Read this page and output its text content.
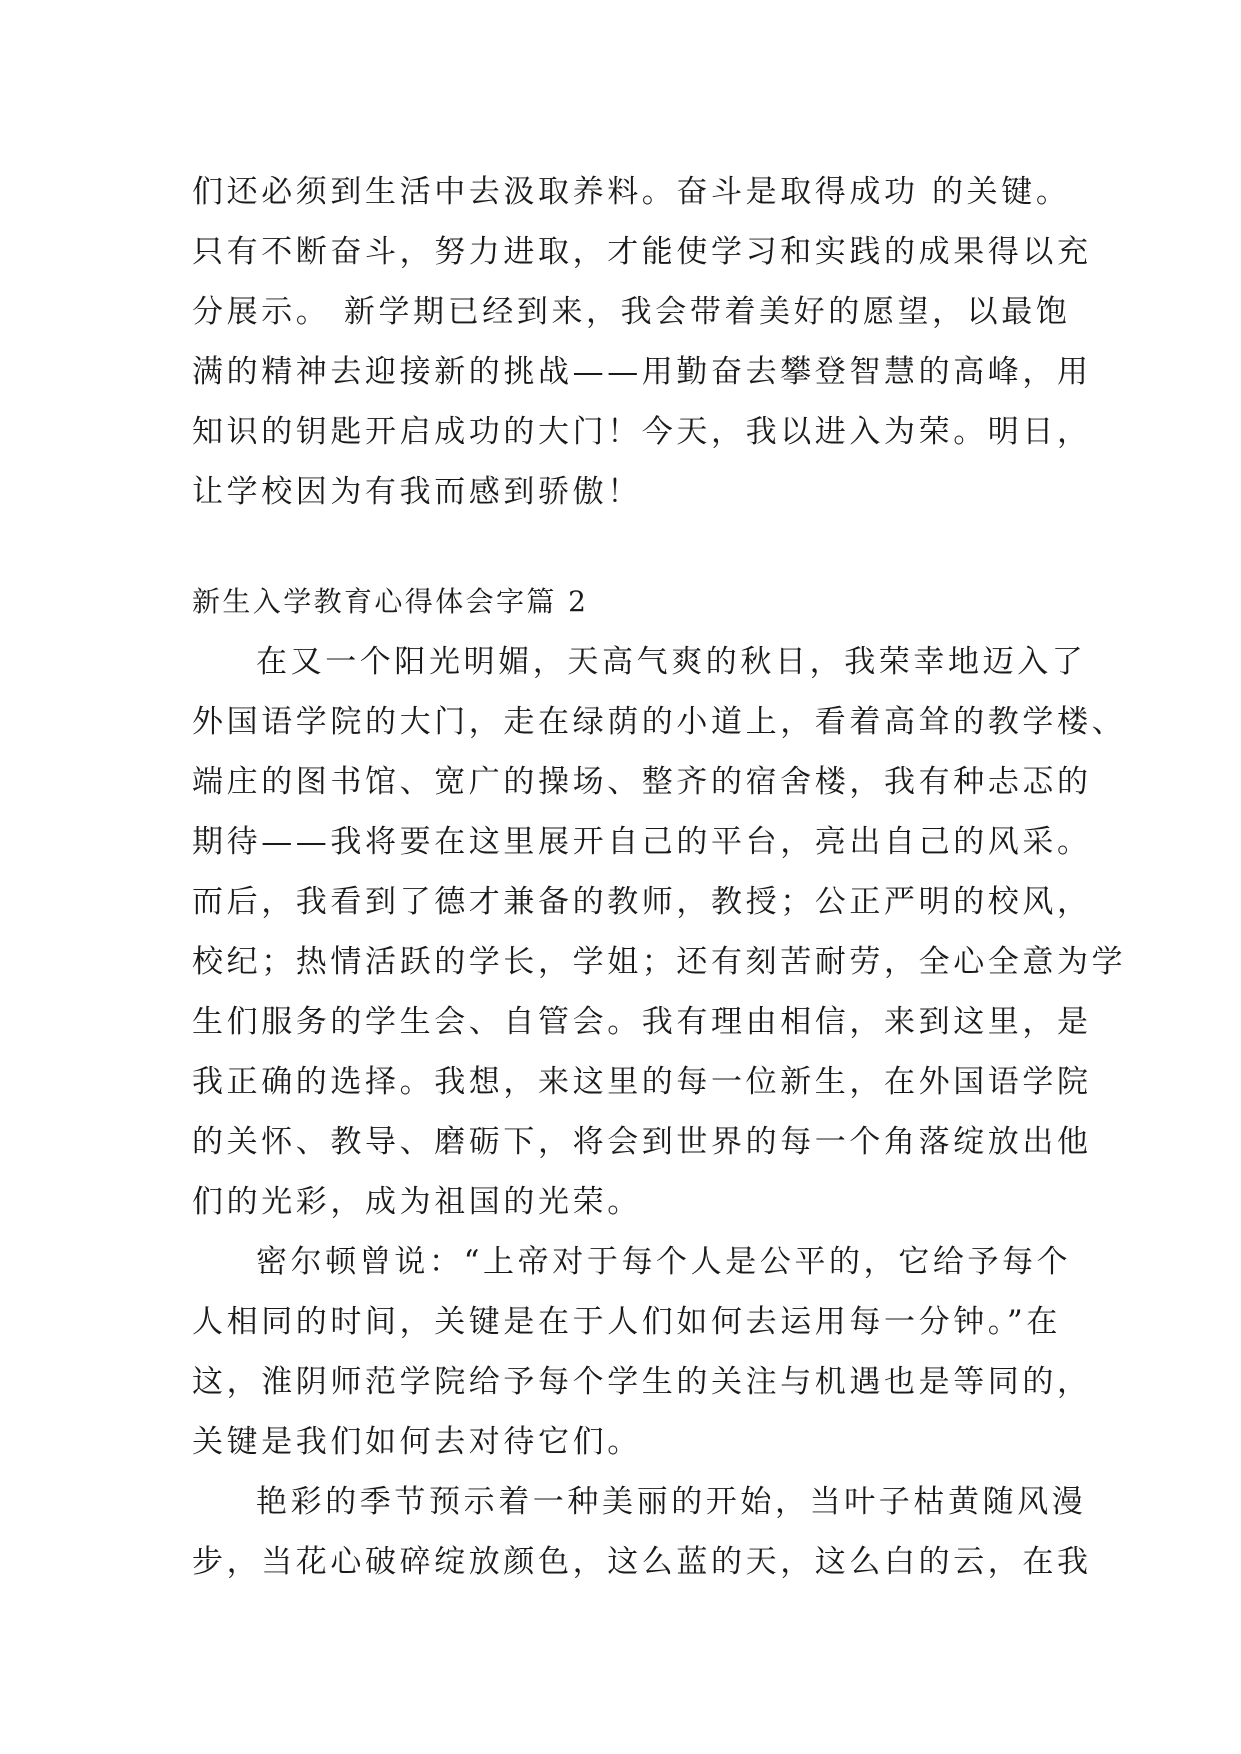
们还必须到生活中去汲取养料。奋斗是取得成功 的关键。
只有不断奋斗，努力进取，才能使学习和实践的成果得以充
分展示。 新学期已经到来，我会带着美好的愿望，以最饱
满的精神去迎接新的挑战——用勤奋去攀登智慧的高峰，用
知识的钥匙开启成功的大门！今天，我以进入为荣。明日，
让学校因为有我而感到骄傲！
新生入学教育心得体会字篇 2
在又一个阳光明媚，天高气爽的秋日，我荣幸地迈入了
外国语学院的大门，走在绿荫的小道上，看着高耸的教学楼、
端庄的图书馆、宽广的操场、整齐的宿舍楼，我有种忐忑的
期待——我将要在这里展开自己的平台，亮出自己的风采。
而后，我看到了德才兼备的教师，教授；公正严明的校风，
校纪；热情活跃的学长，学姐；还有刻苦耐劳，全心全意为学
生们服务的学生会、自管会。我有理由相信，来到这里，是
我正确的选择。我想，来这里的每一位新生，在外国语学院
的关怀、教导、磨砺下，将会到世界的每一个角落绽放出他
们的光彩，成为祖国的光荣。
密尔顿曾说：“上帝对于每个人是公平的，它给予每个
人相同的时间，关键是在于人们如何去运用每一分钟。”在
这，淮阴师范学院给予每个学生的关注与机遇也是等同的，
关键是我们如何去对待它们。
艳彩的季节预示着一种美丽的开始，当叶子枯黄随风漫
步，当花心破碎绽放颜色，这么蓝的天，这么白的云，在我
